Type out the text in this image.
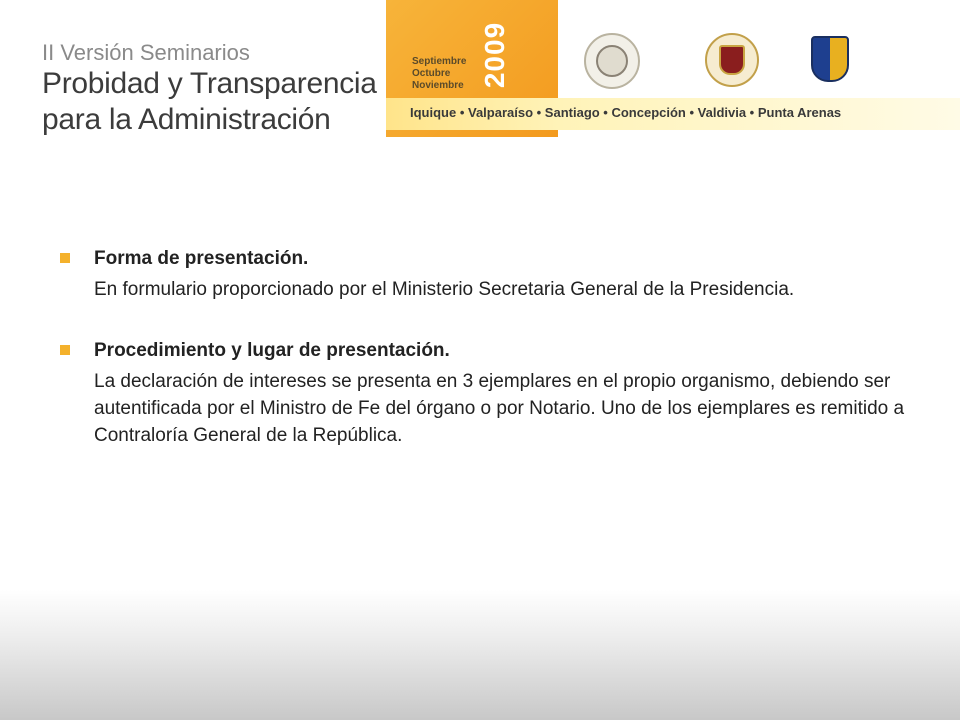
II Versión Seminarios
Probidad y Transparencia
para la Administración
Septiembre
Octubre
Noviembre 2009
Iquique • Valparaíso • Santiago • Concepción • Valdivia • Punta Arenas
Forma de presentación.
En formulario proporcionado por el Ministerio Secretaria General de la Presidencia.
Procedimiento y lugar de presentación.
La declaración de intereses se presenta en 3 ejemplares en el propio organismo, debiendo ser autentificada por el Ministro de Fe del órgano o por Notario. Uno de los ejemplares es remitido a Contraloría General de la República.
